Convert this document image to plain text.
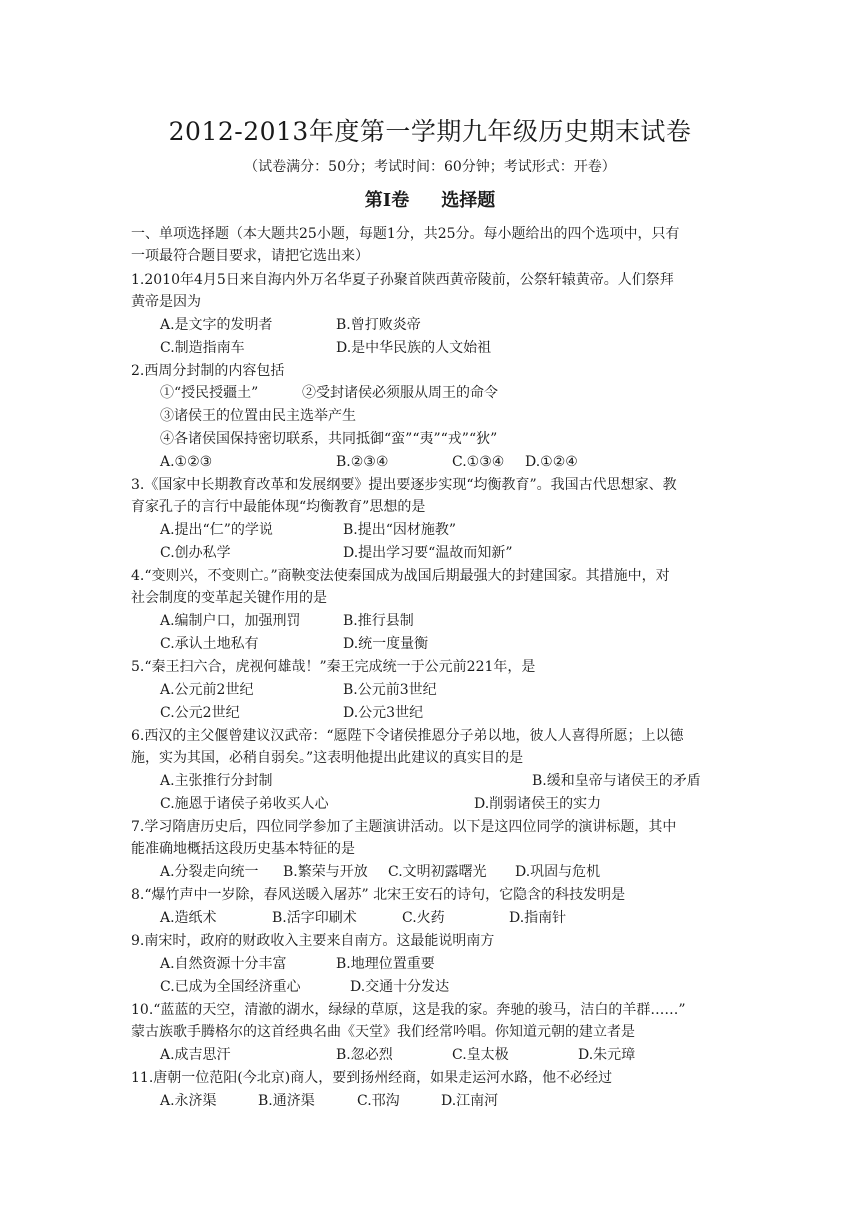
2012-2013年度第一学期九年级历史期末试卷
（试卷满分：50分；考试时间：60分钟；考试形式：开卷）
第Ⅰ卷 选择题
一、单项选择题（本大题共25小题，每题1分，共25分。每小题给出的四个选项中，只有
一项最符合题目要求，请把它选出来）
1.2010年4月5日来自海内外万名华夏子孙聚首陕西黄帝陵前，公祭轩辕黄帝。人们祭拜
黄帝是因为
A.是文字的发明者	B.曾打败炎帝
C.制造指南车	D.是中华民族的人文始祖
2.西周分封制的内容包括
①“授民授疆土”	②受封诸侯必须服从周王的命令
③诸侯王的位置由民主选举产生
④各诸侯国保持密切联系，共同抵御“蛮”“夷”“戎”“狄”
A.①②③	B.②③④	C.①③④ D.①②④
3.《国家中长期教育改革和发展纲要》提出要逐步实现“均衡教育”。我国古代思想家、教
育家孔子的言行中最能体现“均衡教育”思想的是
A.提出“仁”的学说	B.提出“因材施教”
C.创办私学	D.提出学习要“温故而知新”
4.“变则兴，不变则亡。”商鞅变法使秦国成为战国后期最强大的封建国家。其措施中，对
社会制度的变革起关键作用的是
A.编制户口，加强刑罚	B.推行县制
C.承认土地私有	D.统一度量衡
5.“秦王扫六合，虎视何雄哉！”秦王完成统一于公元前221年，是
A.公元前2世纪	B.公元前3世纪
C.公元2世纪	D.公元3世纪
6.西汉的主父偃曾建议汉武帝：“愿陛下令诸侯推恩分子弟以地，彼人人喜得所愿；上以德
施，实为其国，必稍自弱矣。”这表明他提出此建议的真实目的是
A.主张推行分封制	B.缓和皇帝与诸侯王的矛盾
C.施恩于诸侯子弟收买人心	D.削弱诸侯王的实力
7.学习隋唐历史后，四位同学参加了主题演讲活动。以下是这四位同学的演讲标题，其中
能准确地概括这段历史基本特征的是
A.分裂走向统一 B.繁荣与开放 C.文明初露曙光 D.巩固与危机
8.“爆竹声中一岁除，春风送暖入屠苏” 北宋王安石的诗句，它隐含的科技发明是
A.造纸术	B.活字印刷术	C.火药	D.指南针
9.南宋时，政府的财政收入主要来自南方。这最能说明南方
A.自然资源十分丰富	B.地理位置重要
C.已成为全国经济重心	D.交通十分发达
10.“蓝蓝的天空，清澈的湖水，绿绿的草原，这是我的家。奔驰的骏马，洁白的羊群……”
蒙古族歌手腾格尔的这首经典名曲《天堂》我们经常吟唱。你知道元朝的建立者是
A.成吉思汗	B.忽必烈	C.皇太极	D.朱元璋
11.唐朝一位范阳(今北京)商人，要到扬州经商，如果走运河水路，他不必经过
A.永济渠	B.通济渠	C.邗沟	D.江南河
